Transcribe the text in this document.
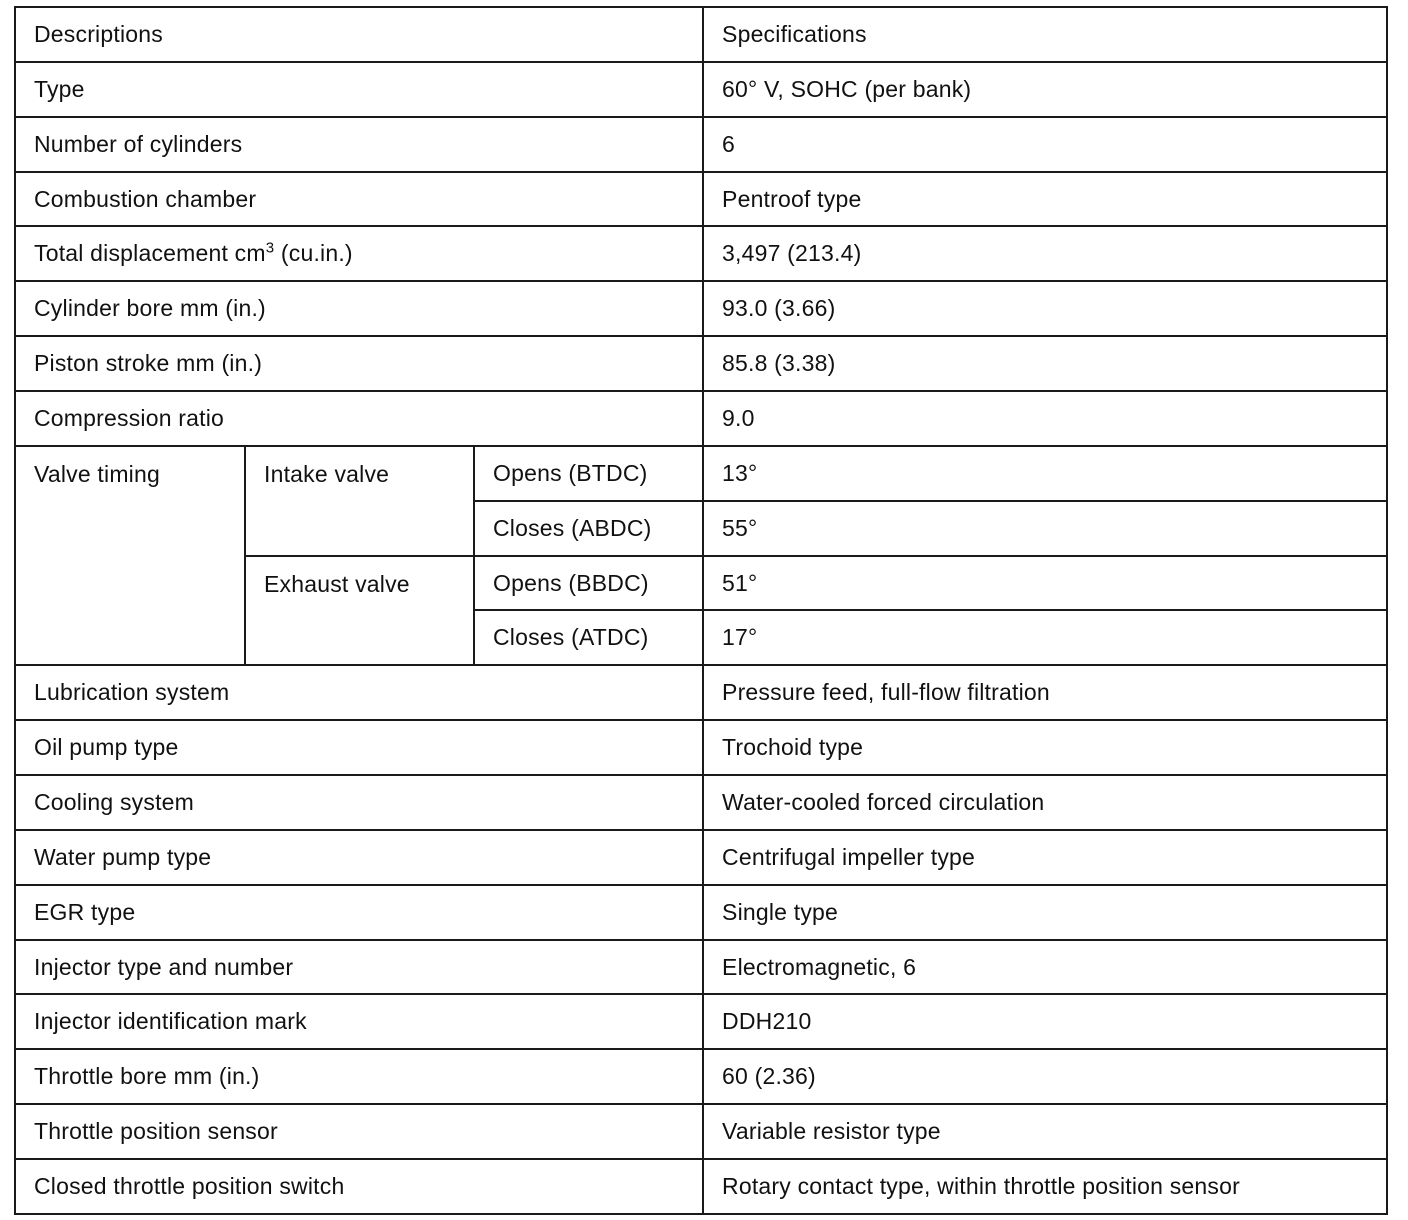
Descriptions			Specifications
Type			60° V, SOHC (per bank)
Number of cylinders			6
Combustion chamber			Pentroof type
Total displacement $cm^3$ (cu.in.)			3,497 (213.4)
Cylinder bore mm (in.)			93.0 (3.66)
Piston stroke mm (in.)			85.8 (3.38)
Compression ratio			9.0
Valve timing	Intake valve	Opens (BTDC)	13°
		Closes (ABDC)	55°
	Exhaust valve	Opens (BBDC)	51°
		Closes (ATDC)	17°
Lubrication system			Pressure feed, full-flow filtration
Oil pump type			Trochoid type
Cooling system			Water-cooled forced circulation
Water pump type			Centrifugal impeller type
EGR type			Single type
Injector type and number			Electromagnetic, 6
Injector identification mark			DDH210
Throttle bore mm (in.)			60 (2.36)
Throttle position sensor			Variable resistor type
Closed throttle position switch			Rotary contact type, within throttle position sensor
